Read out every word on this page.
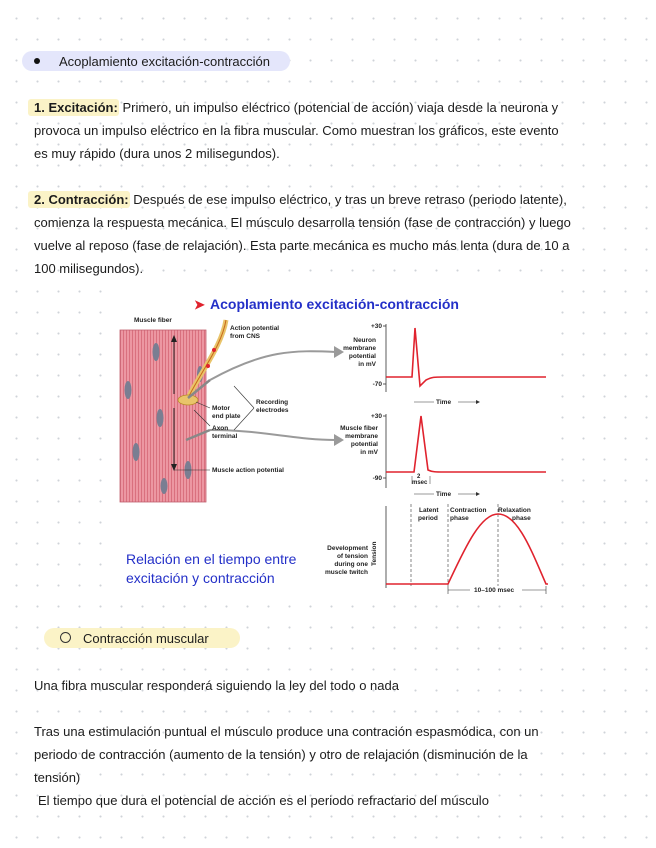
Acoplamiento excitación-contracción
1. Excitación: Primero, un impulso eléctrico (potencial de acción) viaja desde la neurona y
provoca un impulso eléctrico en la fibra muscular. Como muestran los gráficos, este evento
es muy rápido (dura unos 2 milisegundos).
2. Contracción: Después de ese impulso eléctrico, y tras un breve retraso (periodo latente),
comienza la respuesta mecánica. El músculo desarrolla tensión (fase de contracción) y luego
vuelve al reposo (fase de relajación). Esta parte mecánica es mucho más lenta (dura de 10 a
100 milisegundos).
➤ Acoplamiento excitación-contracción
Muscle fiber
Action potential
from CNS
Recording
electrodes
Motor
end plate
Axon
terminal
Muscle action potential
Neuron
membrane
potential
in mV
Muscle fiber
membrane
potential
in mV
Development
of tension
during one
muscle twitch
+30
-70
+30
-90
Tension
Time
Time
2
msec
Latent
period
Contraction
phase
Relaxation
phase
10–100 msec
Relación en el tiempo entre
excitación y contracción
Contracción muscular
Una fibra muscular responderá siguiendo la ley del todo o nada
Tras una estimulación puntual el músculo produce una contración espasmódica, con un
periodo de contracción (aumento de la tensión) y otro de relajación (disminución de la
tensión)
El tiempo que dura el potencial de acción es el periodo refractario del músculo
